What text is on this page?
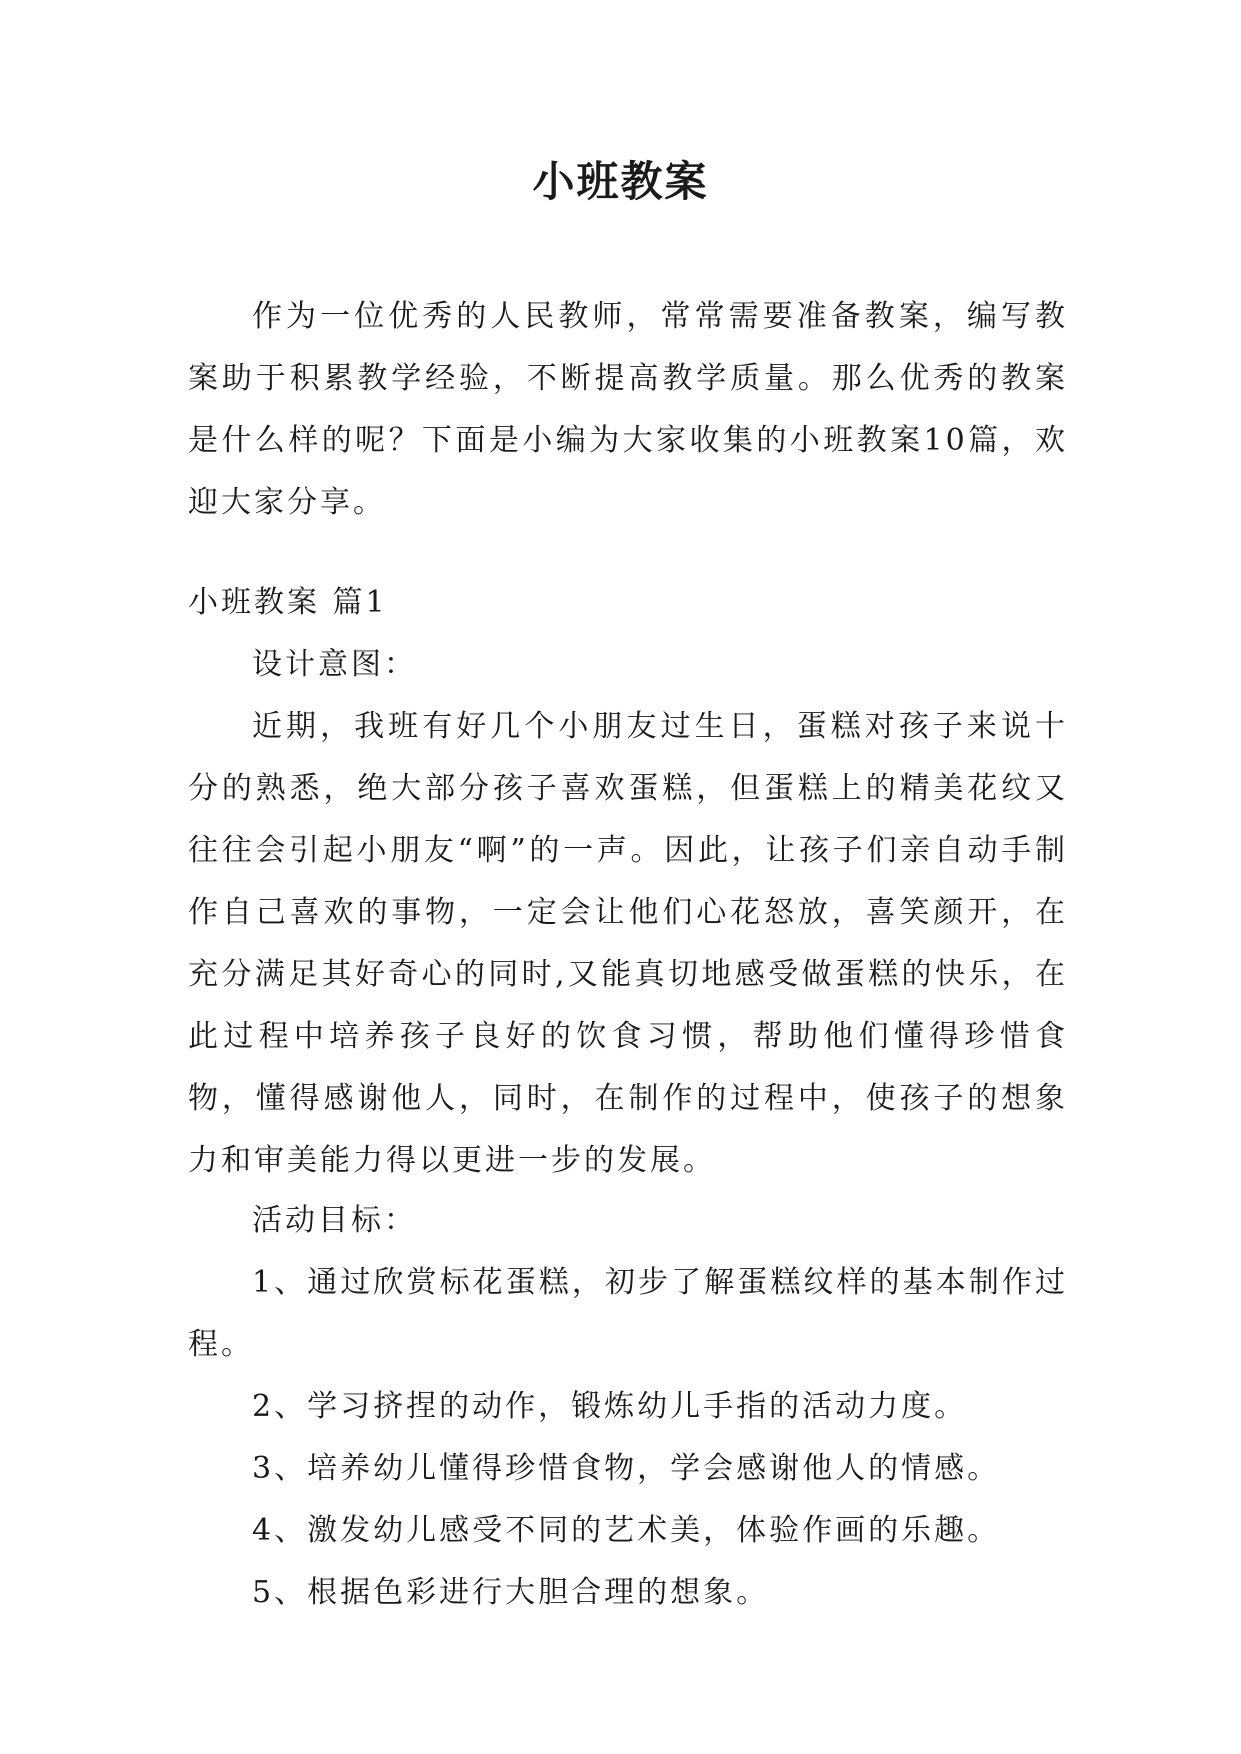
小班教案

作为一位优秀的人民教师，常常需要准备教案，编写教案助于积累教学经验，不断提高教学质量。那么优秀的教案是什么样的呢？下面是小编为大家收集的小班教案10篇，欢迎大家分享。

小班教案 篇1

设计意图：

近期，我班有好几个小朋友过生日，蛋糕对孩子来说十分的熟悉，绝大部分孩子喜欢蛋糕，但蛋糕上的精美花纹又往往会引起小朋友“啊”的一声。因此，让孩子们亲自动手制作自己喜欢的事物，一定会让他们心花怒放，喜笑颜开，在充分满足其好奇心的同时,又能真切地感受做蛋糕的快乐，在此过程中培养孩子良好的饮食习惯，帮助他们懂得珍惜食物，懂得感谢他人，同时，在制作的过程中，使孩子的想象力和审美能力得以更进一步的发展。

活动目标：

1、通过欣赏标花蛋糕，初步了解蛋糕纹样的基本制作过程。

2、学习挤捏的动作，锻炼幼儿手指的活动力度。

3、培养幼儿懂得珍惜食物，学会感谢他人的情感。

4、激发幼儿感受不同的艺术美，体验作画的乐趣。

5、根据色彩进行大胆合理的想象。
